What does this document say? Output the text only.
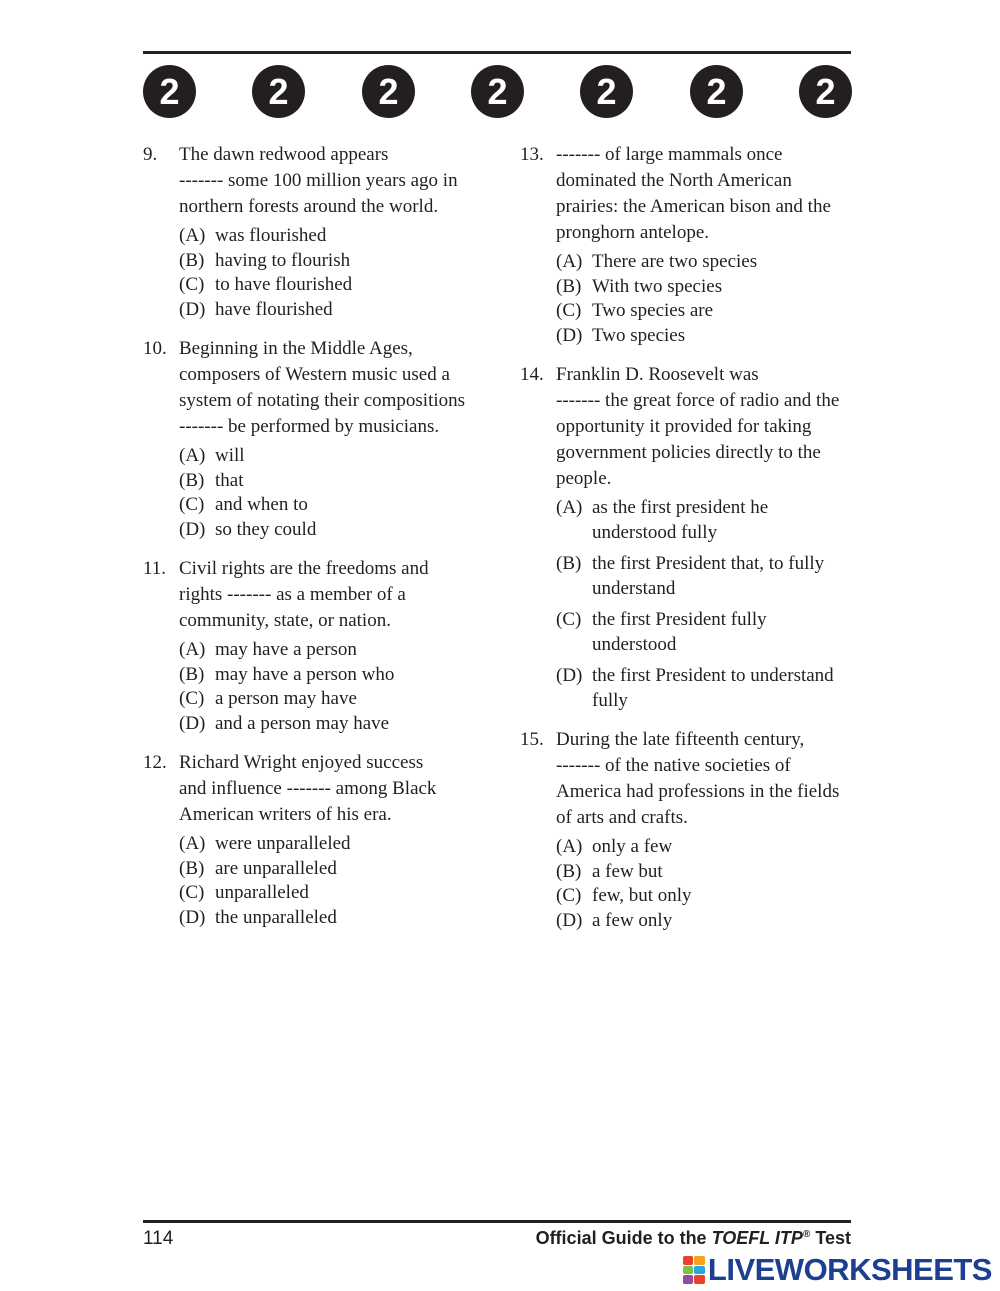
2	2	2	2	2	2	2
9. The dawn redwood appears
------- some 100 million years ago in
northern forests around the world.
(A) was flourished
(B) having to flourish
(C) to have flourished
(D) have flourished
10. Beginning in the Middle Ages,
composers of Western music used a
system of notating their compositions
------- be performed by musicians.
(A) will
(B) that
(C) and when to
(D) so they could
11. Civil rights are the freedoms and
rights ------- as a member of a
community, state, or nation.
(A) may have a person
(B) may have a person who
(C) a person may have
(D) and a person may have
12. Richard Wright enjoyed success
and influence ------- among Black
American writers of his era.
(A) were unparalleled
(B) are unparalleled
(C) unparalleled
(D) the unparalleled
13. ------- of large mammals once
dominated the North American
prairies: the American bison and the
pronghorn antelope.
(A) There are two species
(B) With two species
(C) Two species are
(D) Two species
14. Franklin D. Roosevelt was
------- the great force of radio and the
opportunity it provided for taking
government policies directly to the
people.
(A) as the first president he
understood fully
(B) the first President that, to fully
understand
(C) the first President fully
understood
(D) the first President to understand
fully
15. During the late fifteenth century,
------- of the native societies of
America had professions in the fields
of arts and crafts.
(A) only a few
(B) a few but
(C) few, but only
(D) a few only
114	Official Guide to the TOEFL ITP® Test
LIVEWORKSHEETS
